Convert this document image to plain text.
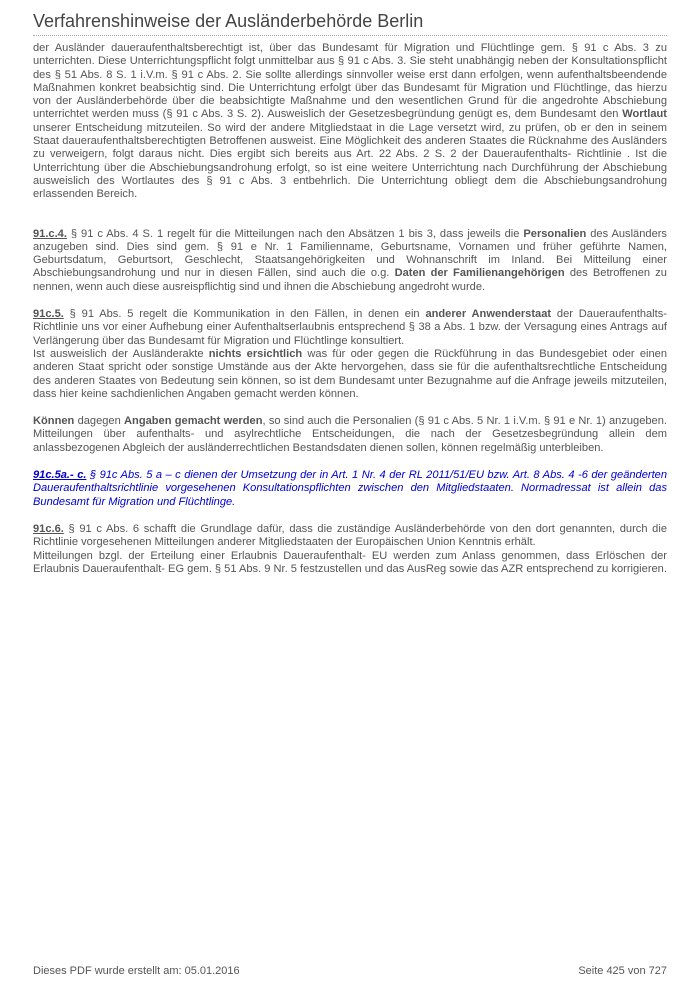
Verfahrenshinweise der Ausländerbehörde Berlin

der Ausländer daueraufenthaltsberechtigt ist, über das Bundesamt für Migration und Flüchtlinge gem. § 91 c Abs. 3 zu unterrichten. Diese Unterrichtungspflicht folgt unmittelbar aus § 91 c Abs. 3. Sie steht unabhängig neben der Konsultationspflicht des § 51 Abs. 8 S. 1 i.V.m. § 91 c Abs. 2. Sie sollte allerdings sinnvoller weise erst dann erfolgen, wenn aufenthaltsbeendende Maßnahmen konkret beabsichtig sind. Die Unterrichtung erfolgt über das Bundesamt für Migration und Flüchtlinge, das hierzu von der Ausländerbehörde über die beabsichtigte Maßnahme und den wesentlichen Grund für die angedrohte Abschiebung unterrichtet werden muss (§ 91 c Abs. 3 S. 2). Ausweislich der Gesetzesbegründung genügt es, dem Bundesamt den Wortlaut unserer Entscheidung mitzuteilen. So wird der andere Mitgliedstaat in die Lage versetzt wird, zu prüfen, ob er den in seinem Staat daueraufenthaltsberechtigten Betroffenen ausweist. Eine Möglichkeit des anderen Staates die Rücknahme des Ausländers zu verweigern, folgt daraus nicht. Dies ergibt sich bereits aus Art. 22 Abs. 2 S. 2 der Daueraufenthalts- Richtlinie . Ist die Unterrichtung über die Abschiebungsandrohung erfolgt, so ist eine weitere Unterrichtung nach Durchführung der Abschiebung ausweislich des Wortlautes des § 91 c Abs. 3 entbehrlich. Die Unterrichtung obliegt dem die Abschiebungsandrohung erlassenden Bereich.

91.c.4. § 91 c Abs. 4 S. 1 regelt für die Mitteilungen nach den Absätzen 1 bis 3, dass jeweils die Personalien des Ausländers anzugeben sind. Dies sind gem. § 91 e Nr. 1 Familienname, Geburtsname, Vornamen und früher geführte Namen, Geburtsdatum, Geburtsort, Geschlecht, Staatsangehörigkeiten und Wohnanschrift im Inland. Bei Mitteilung einer Abschiebungsandrohung und nur in diesen Fällen, sind auch die o.g. Daten der Familienangehörigen des Betroffenen zu nennen, wenn auch diese ausreispflichtig sind und ihnen die Abschiebung angedroht wurde.

91c.5. § 91 Abs. 5 regelt die Kommunikation in den Fällen, in denen ein anderer Anwenderstaat der Daueraufenthalts- Richtlinie uns vor einer Aufhebung einer Aufenthaltserlaubnis entsprechend § 38 a Abs. 1 bzw. der Versagung eines Antrags auf Verlängerung über das Bundesamt für Migration und Flüchtlinge konsultiert.
Ist ausweislich der Ausländerakte nichts ersichtlich was für oder gegen die Rückführung in das Bundesgebiet oder einen anderen Staat spricht oder sonstige Umstände aus der Akte hervorgehen, dass sie für die aufenthaltsrechtliche Entscheidung des anderen Staates von Bedeutung sein können, so ist dem Bundesamt unter Bezugnahme auf die Anfrage jeweils mitzuteilen, dass hier keine sachdienlichen Angaben gemacht werden können.

Können dagegen Angaben gemacht werden, so sind auch die Personalien (§ 91 c Abs. 5 Nr. 1 i.V.m. § 91 e Nr. 1) anzugeben. Mitteilungen über aufenthalts- und asylrechtliche Entscheidungen, die nach der Gesetzesbegründung allein dem anlassbezogenen Abgleich der ausländerrechtlichen Bestandsdaten dienen sollen, können regelmäßig unterbleiben.

91c.5a.- c. § 91c Abs. 5 a – c dienen der Umsetzung der in Art. 1 Nr. 4 der RL 2011/51/EU bzw. Art. 8 Abs. 4 -6 der geänderten Daueraufenthaltsrichtlinie vorgesehenen Konsultationspflichten zwischen den Mitgliedstaaten. Normadressat ist allein das Bundesamt für Migration und Flüchtlinge.

91c.6. § 91 c Abs. 6 schafft die Grundlage dafür, dass die zuständige Ausländerbehörde von den dort genannten, durch die Richtlinie vorgesehenen Mitteilungen anderer Mitgliedstaaten der Europäischen Union Kenntnis erhält.
Mitteilungen bzgl. der Erteilung einer Erlaubnis Daueraufenthalt- EU werden zum Anlass genommen, dass Erlöschen der Erlaubnis Daueraufenthalt- EG gem. § 51 Abs. 9 Nr. 5 festzustellen und das AusReg sowie das AZR entsprechend zu korrigieren.

Dieses PDF wurde erstellt am: 05.01.2016	Seite 425 von 727
